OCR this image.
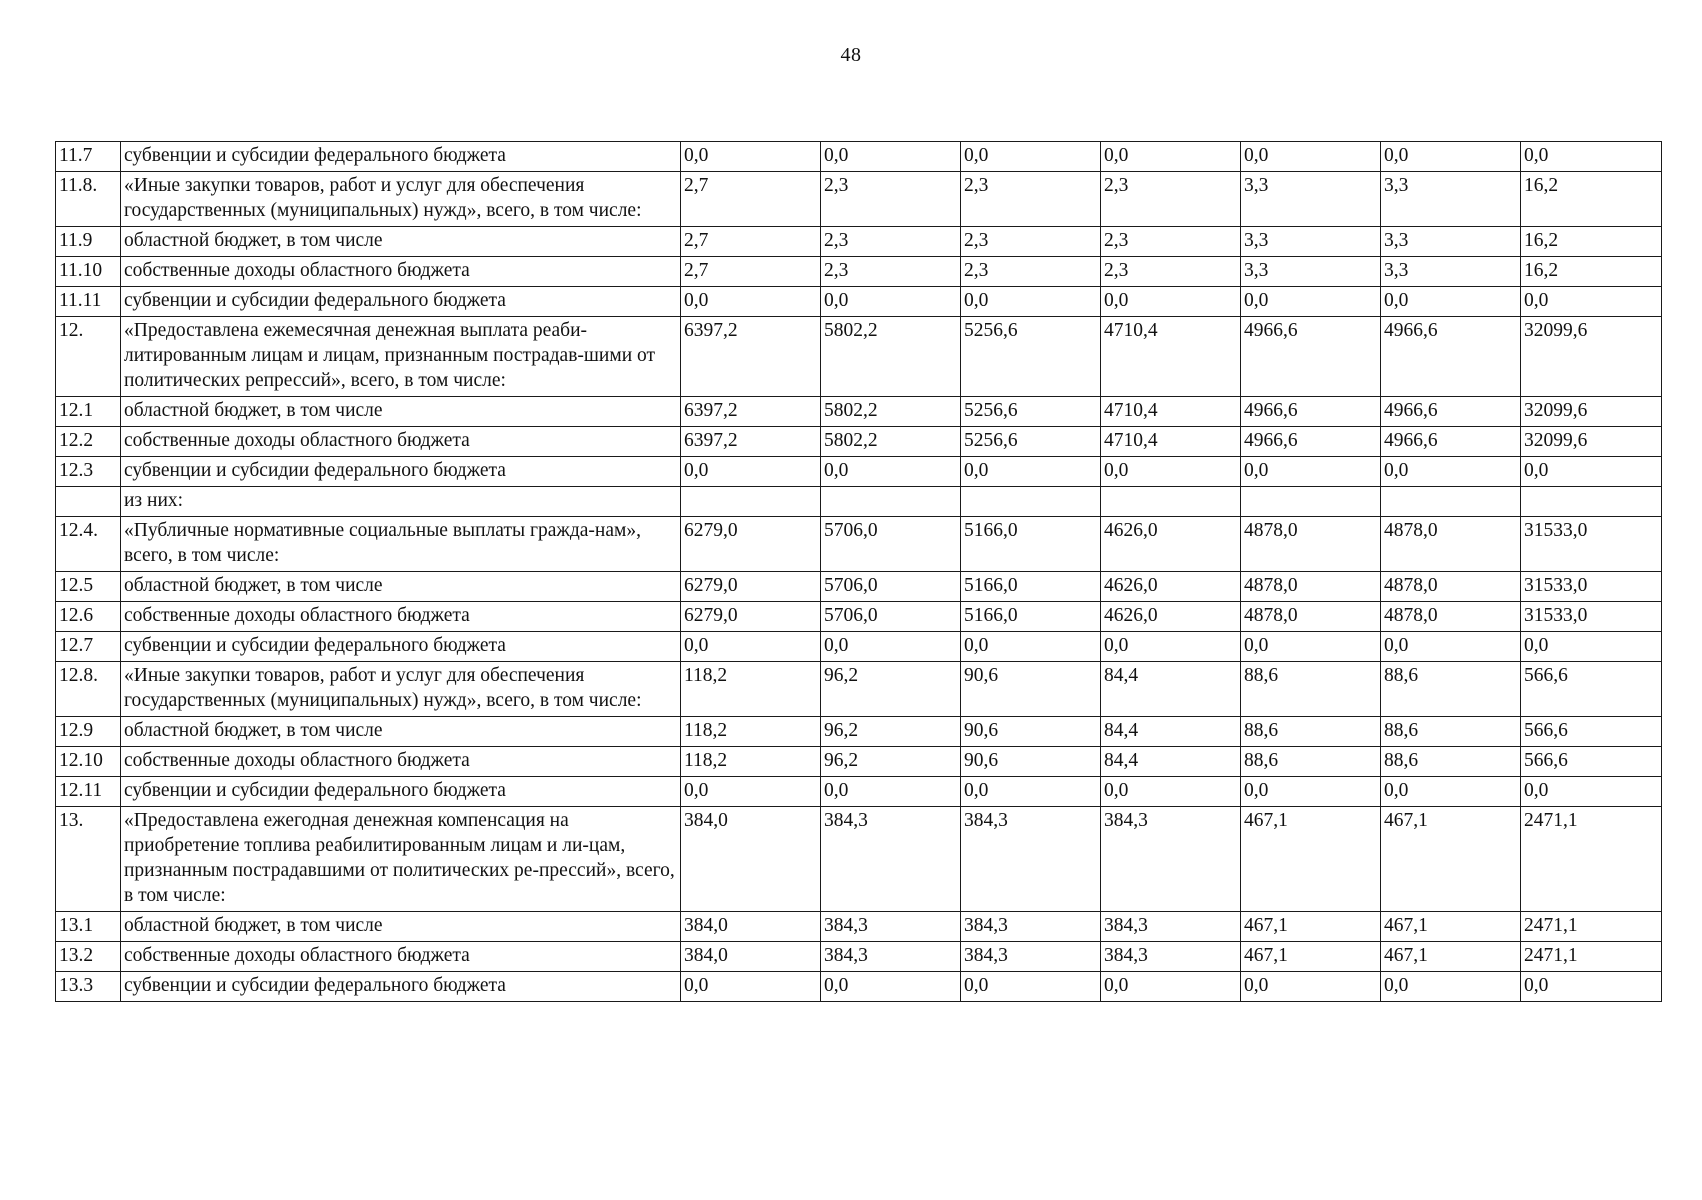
48
11.7	субвенции и субсидии федерального бюджета	0,0	0,0	0,0	0,0	0,0	0,0	0,0
11.8.	«Иные закупки товаров, работ и услуг для обеспечения государственных (муниципальных) нужд», всего, в том числе:	2,7	2,3	2,3	2,3	3,3	3,3	16,2
11.9	областной бюджет, в том числе	2,7	2,3	2,3	2,3	3,3	3,3	16,2
11.10	собственные доходы областного бюджета	2,7	2,3	2,3	2,3	3,3	3,3	16,2
11.11	субвенции и субсидии федерального бюджета	0,0	0,0	0,0	0,0	0,0	0,0	0,0
12.	«Предоставлена ежемесячная денежная выплата реаби-литированным лицам и лицам, признанным пострадав-шими от политических репрессий», всего, в том числе:	6397,2	5802,2	5256,6	4710,4	4966,6	4966,6	32099,6
12.1	областной бюджет, в том числе	6397,2	5802,2	5256,6	4710,4	4966,6	4966,6	32099,6
12.2	собственные доходы областного бюджета	6397,2	5802,2	5256,6	4710,4	4966,6	4966,6	32099,6
12.3	субвенции и субсидии федерального бюджета	0,0	0,0	0,0	0,0	0,0	0,0	0,0
	из них:							
12.4.	«Публичные нормативные социальные выплаты гражда-нам», всего, в том числе:	6279,0	5706,0	5166,0	4626,0	4878,0	4878,0	31533,0
12.5	областной бюджет, в том числе	6279,0	5706,0	5166,0	4626,0	4878,0	4878,0	31533,0
12.6	собственные доходы областного бюджета	6279,0	5706,0	5166,0	4626,0	4878,0	4878,0	31533,0
12.7	субвенции и субсидии федерального бюджета	0,0	0,0	0,0	0,0	0,0	0,0	0,0
12.8.	«Иные закупки товаров, работ и услуг для обеспечения государственных (муниципальных) нужд», всего, в том числе:	118,2	96,2	90,6	84,4	88,6	88,6	566,6
12.9	областной бюджет, в том числе	118,2	96,2	90,6	84,4	88,6	88,6	566,6
12.10	собственные доходы областного бюджета	118,2	96,2	90,6	84,4	88,6	88,6	566,6
12.11	субвенции и субсидии федерального бюджета	0,0	0,0	0,0	0,0	0,0	0,0	0,0
13.	«Предоставлена ежегодная денежная компенсация на приобретение топлива реабилитированным лицам и ли-цам, признанным пострадавшими от политических ре-прессий», всего, в том числе:	384,0	384,3	384,3	384,3	467,1	467,1	2471,1
13.1	областной бюджет, в том числе	384,0	384,3	384,3	384,3	467,1	467,1	2471,1
13.2	собственные доходы областного бюджета	384,0	384,3	384,3	384,3	467,1	467,1	2471,1
13.3	субвенции и субсидии федерального бюджета	0,0	0,0	0,0	0,0	0,0	0,0	0,0
